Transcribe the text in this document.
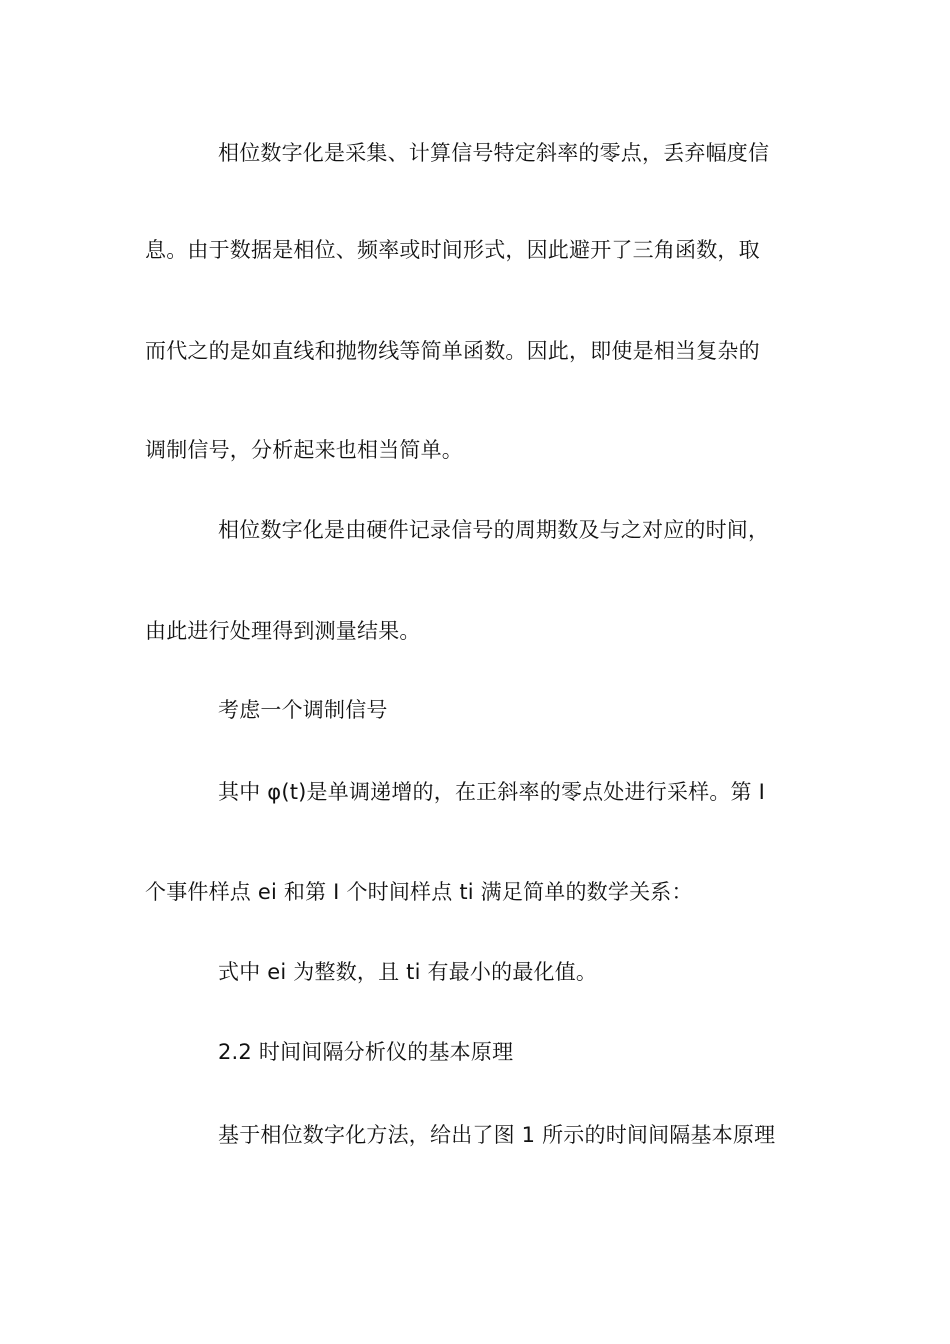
相位数字化是采集、计算信号特定斜率的零点，丢弃幅度信
息。由于数据是相位、频率或时间形式，因此避开了三角函数，取
而代之的是如直线和抛物线等简单函数。因此，即使是相当复杂的
调制信号，分析起来也相当简单。
相位数字化是由硬件记录信号的周期数及与之对应的时间，
由此进行处理得到测量结果。
考虑一个调制信号
其中 φ(t)是单调递增的，在正斜率的零点处进行采样。第 I
个事件样点 ei 和第 I 个时间样点 ti 满足简单的数学关系：
式中 ei 为整数，且 ti 有最小的最化值。
2.2 时间间隔分析仪的基本原理
基于相位数字化方法，给出了图 1 所示的时间间隔基本原理
